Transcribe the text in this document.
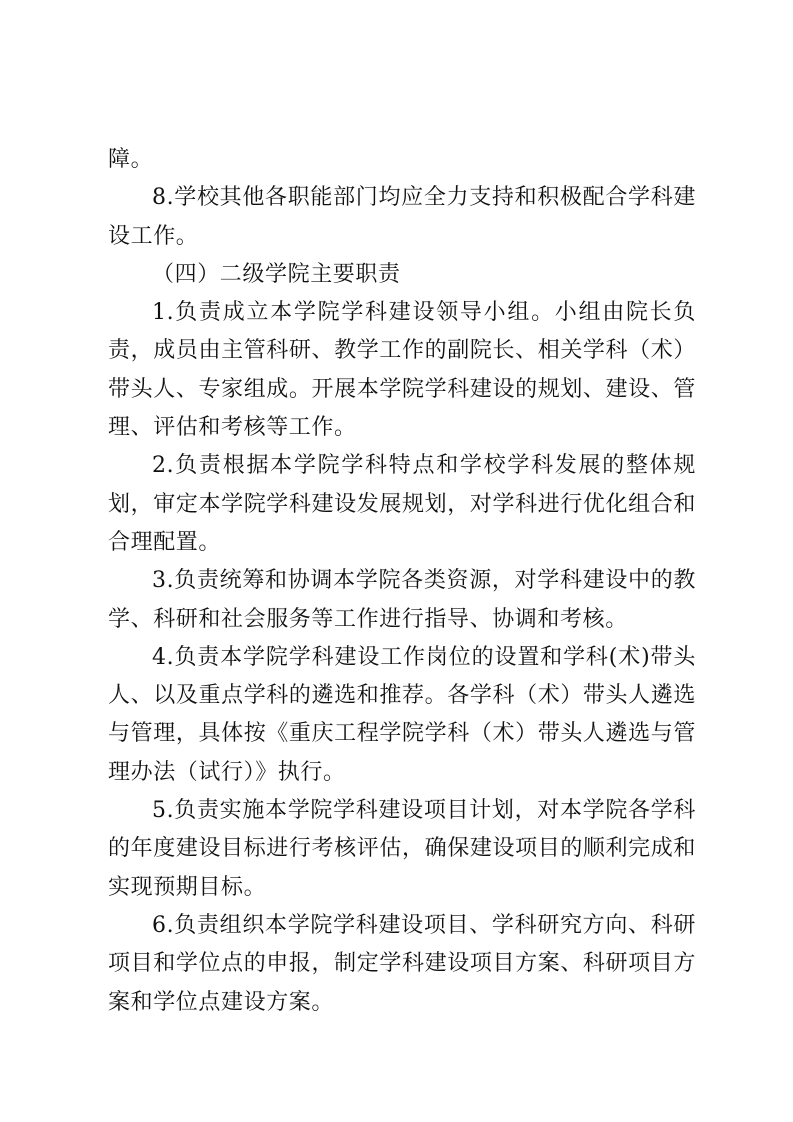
障。

8.学校其他各职能部门均应全力支持和积极配合学科建设工作。

（四）二级学院主要职责

1.负责成立本学院学科建设领导小组。小组由院长负责，成员由主管科研、教学工作的副院长、相关学科（术）带头人、专家组成。开展本学院学科建设的规划、建设、管理、评估和考核等工作。

2.负责根据本学院学科特点和学校学科发展的整体规划，审定本学院学科建设发展规划，对学科进行优化组合和合理配置。

3.负责统筹和协调本学院各类资源，对学科建设中的教学、科研和社会服务等工作进行指导、协调和考核。

4.负责本学院学科建设工作岗位的设置和学科(术)带头人、以及重点学科的遴选和推荐。各学科（术）带头人遴选与管理，具体按《重庆工程学院学科（术）带头人遴选与管理办法（试行）》执行。

5.负责实施本学院学科建设项目计划，对本学院各学科的年度建设目标进行考核评估，确保建设项目的顺利完成和实现预期目标。

6.负责组织本学院学科建设项目、学科研究方向、科研项目和学位点的申报，制定学科建设项目方案、科研项目方案和学位点建设方案。
